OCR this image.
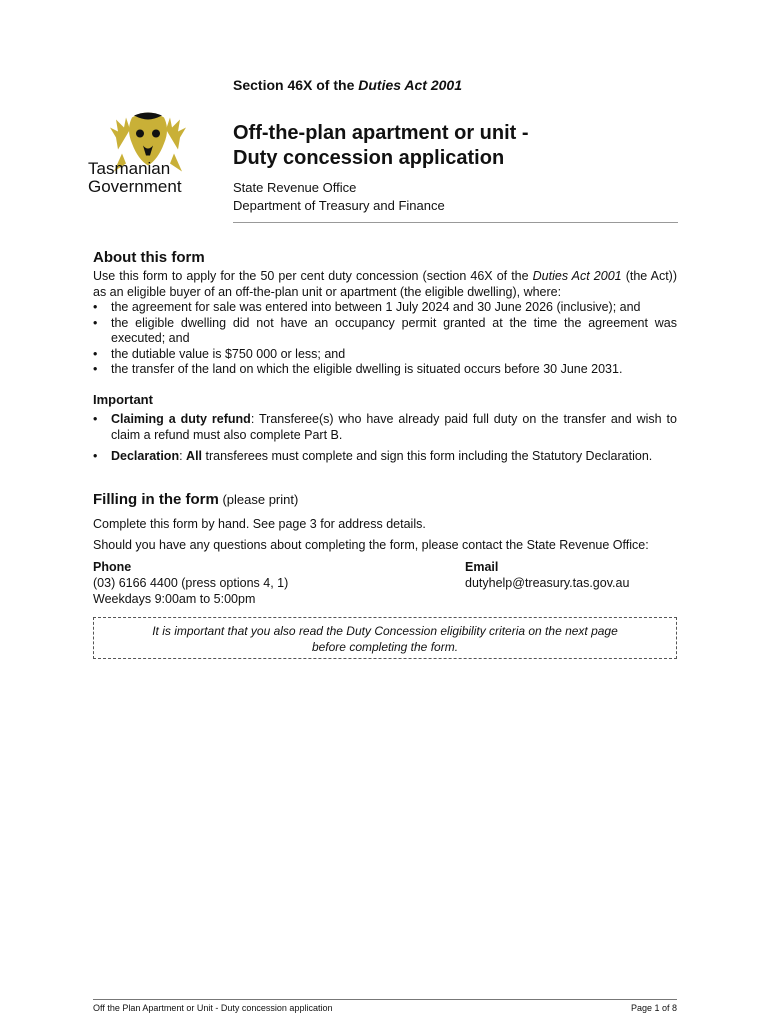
Tasmanian
Government
Section 46X of the Duties Act 2001
Off-the-plan apartment or unit -
Duty concession application
State Revenue Office
Department of Treasury and Finance
About this form
Use this form to apply for the 50 per cent duty concession (section 46X of the Duties Act 2001 (the Act)) as an eligible buyer of an off-the-plan unit or apartment (the eligible dwelling), where:
• the agreement for sale was entered into between 1 July 2024 and 30 June 2026 (inclusive); and
• the eligible dwelling did not have an occupancy permit granted at the time the agreement was executed; and
• the dutiable value is $750 000 or less; and
• the transfer of the land on which the eligible dwelling is situated occurs before 30 June 2031.
Important
• Claiming a duty refund: Transferee(s) who have already paid full duty on the transfer and wish to claim a refund must also complete Part B.
• Declaration: All transferees must complete and sign this form including the Statutory Declaration.
Filling in the form (please print)
Complete this form by hand. See page 3 for address details.
Should you have any questions about completing the form, please contact the State Revenue Office:
Phone
(03) 6166 4400 (press options 4, 1)
Weekdays 9:00am to 5:00pm
Email
dutyhelp@treasury.tas.gov.au
It is important that you also read the Duty Concession eligibility criteria on the next page
before completing the form.
Off the Plan Apartment or Unit - Duty concession application	Page 1 of 8
